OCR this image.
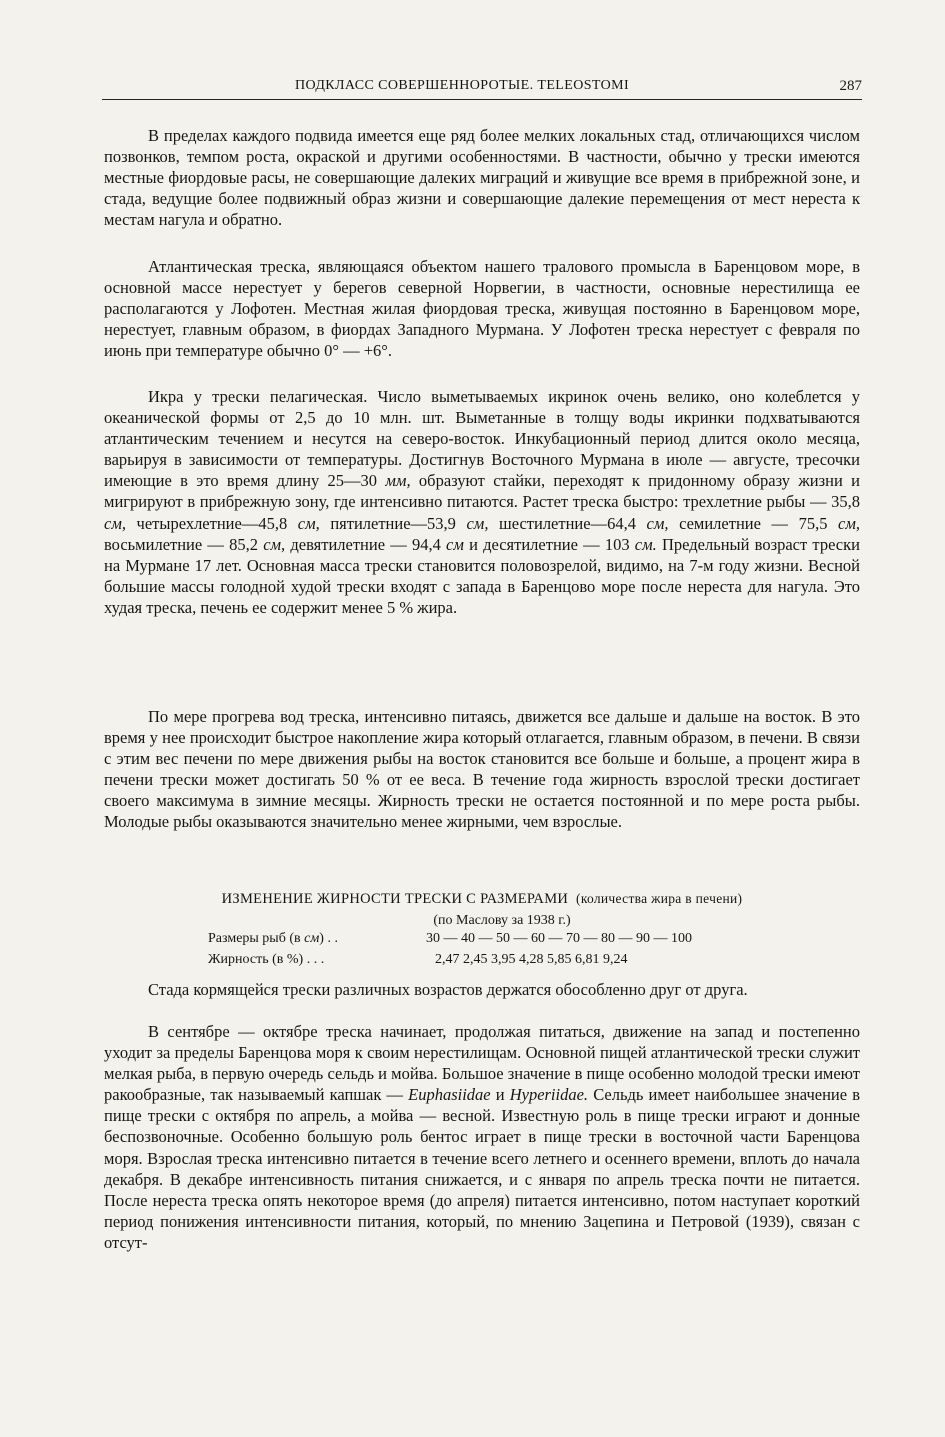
ПОДКЛАСС СОВЕРШЕННОРОТЫЕ. TELEOSTOMI	287

В пределах каждого подвида имеется еще ряд более мелких локальных стад, отличающихся числом позвонков, темпом роста, окраской и другими особенностями. В частности, обычно у трески имеются местные фиордовые расы, не совершающие далеких миграций и живущие все время в прибрежной зоне, и стада, ведущие более подвижный образ жизни и совершающие далекие перемещения от мест нереста к местам нагула и обратно.

Атлантическая треска, являющаяся объектом нашего тралового промысла в Баренцовом море, в основной массе нерестует у берегов северной Норвегии, в частности, основные нерестилища ее располагаются у Лофотен. Местная жилая фиордовая треска, живущая постоянно в Баренцовом море, нерестует, главным образом, в фиордах Западного Мурмана. У Лофотен треска нерестует с февраля по июнь при температуре обычно 0° — +6°.

Икра у трески пелагическая. Число выметываемых икринок очень велико, оно колеблется у океанической формы от 2,5 до 10 млн. шт. Выметанные в толщу воды икринки подхватываются атлантическим течением и несутся на северо-восток. Инкубационный период длится около месяца, варьируя в зависимости от температуры. Достигнув Восточного Мурмана в июле — августе, тресочки имеющие в это время длину 25—30 мм, образуют стайки, переходят к придонному образу жизни и мигрируют в прибрежную зону, где интенсивно питаются. Растет треска быстро: трехлетние рыбы — 35,8 см, четырехлетние—45,8 см, пятилетние—53,9 см, шестилетние—64,4 см, семилетние — 75,5 см, восьмилетние — 85,2 см, девятилетние — 94,4 см и десятилетние — 103 см. Предельный возраст трески на Мурмане 17 лет. Основная масса трески становится половозрелой, видимо, на 7-м году жизни. Весной большие массы голодной худой трески входят с запада в Баренцово море после нереста для нагула. Это худая треска, печень ее содержит менее 5 % жира.

По мере прогрева вод треска, интенсивно питаясь, движется все дальше и дальше на восток. В это время у нее происходит быстрое накопление жира который отлагается, главным образом, в печени. В связи с этим вес печени по мере движения рыбы на восток становится все больше и больше, а процент жира в печени трески может достигать 50 % от ее веса. В течение года жирность взрослой трески достигает своего максимума в зимние месяцы. Жирность трески не остается постоянной и по мере роста рыбы. Молодые рыбы оказываются значительно менее жирными, чем взрослые.

ИЗМЕНЕНИЕ ЖИРНОСТИ ТРЕСКИ С РАЗМЕРАМИ (количества жира в печени)
(по Маслову за 1938 г.)
Размеры рыб (в см) . .	30 — 40 — 50 — 60 — 70 — 80 — 90 — 100
Жирность (в %) . . .	2,47 2,45 3,95 4,28 5,85 6,81 9,24

Стада кормящейся трески различных возрастов держатся обособленно друг от друга.

В сентябре — октябре треска начинает, продолжая питаться, движение на запад и постепенно уходит за пределы Баренцова моря к своим нерестилищам. Основной пищей атлантической трески служит мелкая рыба, в первую очередь сельдь и мойва. Большое значение в пище особенно молодой трески имеют ракообразные, так называемый капшак — Euphasiidae и Hyperiidae. Сельдь имеет наибольшее значение в пище трески с октября по апрель, а мойва — весной. Известную роль в пище трески играют и донные беспозвоночные. Особенно большую роль бентос играет в пище трески в восточной части Баренцова моря. Взрослая треска интенсивно питается в течение всего летнего и осеннего времени, вплоть до начала декабря. В декабре интенсивность питания снижается, и с января по апрель треска почти не питается. После нереста треска опять некоторое время (до апреля) питается интенсивно, потом наступает короткий период понижения интенсивности питания, который, по мнению Зацепина и Петровой (1939), связан с отсут-
